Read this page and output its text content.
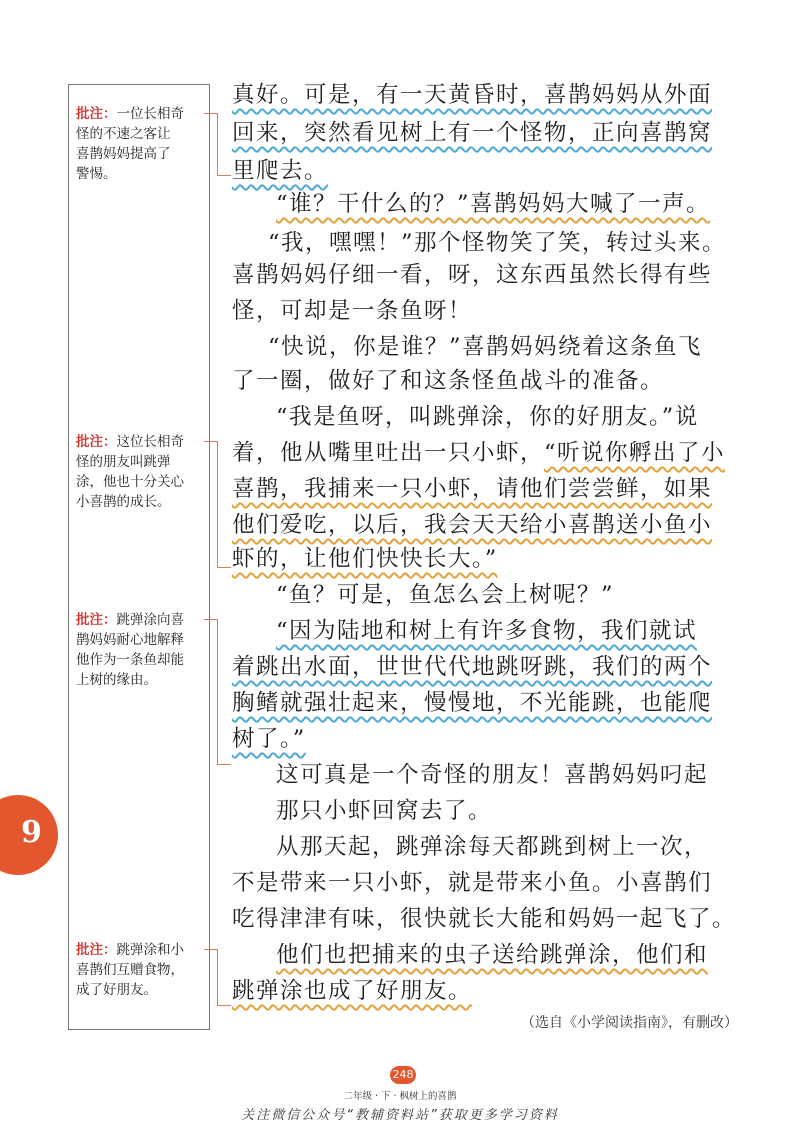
批注：一位长相奇
怪的不速之客让
喜鹊妈妈提高了
警惕。
批注：这位长相奇
怪的朋友叫跳弹
涂，他也十分关心
小喜鹊的成长。
批注：跳弹涂向喜
鹊妈妈耐心地解释
他作为一条鱼却能
上树的缘由。
批注：跳弹涂和小
喜鹊们互赠食物，
成了好朋友。
真好。可是，有一天黄昏时，喜鹊妈妈从外面
回来，突然看见树上有一个怪物，正向喜鹊窝
里爬去。
“谁？干什么的？”喜鹊妈妈大喊了一声。
“我，嘿嘿！”那个怪物笑了笑，转过头来。
喜鹊妈妈仔细一看，呀，这东西虽然长得有些
怪，可却是一条鱼呀！
“快说，你是谁？”喜鹊妈妈绕着这条鱼飞
了一圈，做好了和这条怪鱼战斗的准备。
“我是鱼呀，叫跳弹涂，你的好朋友。”说
着，他从嘴里吐出一只小虾，“听说你孵出了小
喜鹊，我捕来一只小虾，请他们尝尝鲜，如果
他们爱吃，以后，我会天天给小喜鹊送小鱼小
虾的，让他们快快长大。”
“鱼？可是，鱼怎么会上树呢？”
“因为陆地和树上有许多食物，我们就试
着跳出水面，世世代代地跳呀跳，我们的两个
胸鳍就强壮起来，慢慢地，不光能跳，也能爬
树了。”
这可真是一个奇怪的朋友！喜鹊妈妈叼起
那只小虾回窝去了。
从那天起，跳弹涂每天都跳到树上一次，
不是带来一只小虾，就是带来小鱼。小喜鹊们
吃得津津有味，很快就长大能和妈妈一起飞了。
他们也把捕来的虫子送给跳弹涂，他们和
跳弹涂也成了好朋友。
（选自《小学阅读指南》，有删改）
9
248
二年级 · 下 · 枫树上的喜鹊
关注微信公众号“教辅资料站”获取更多学习资料
